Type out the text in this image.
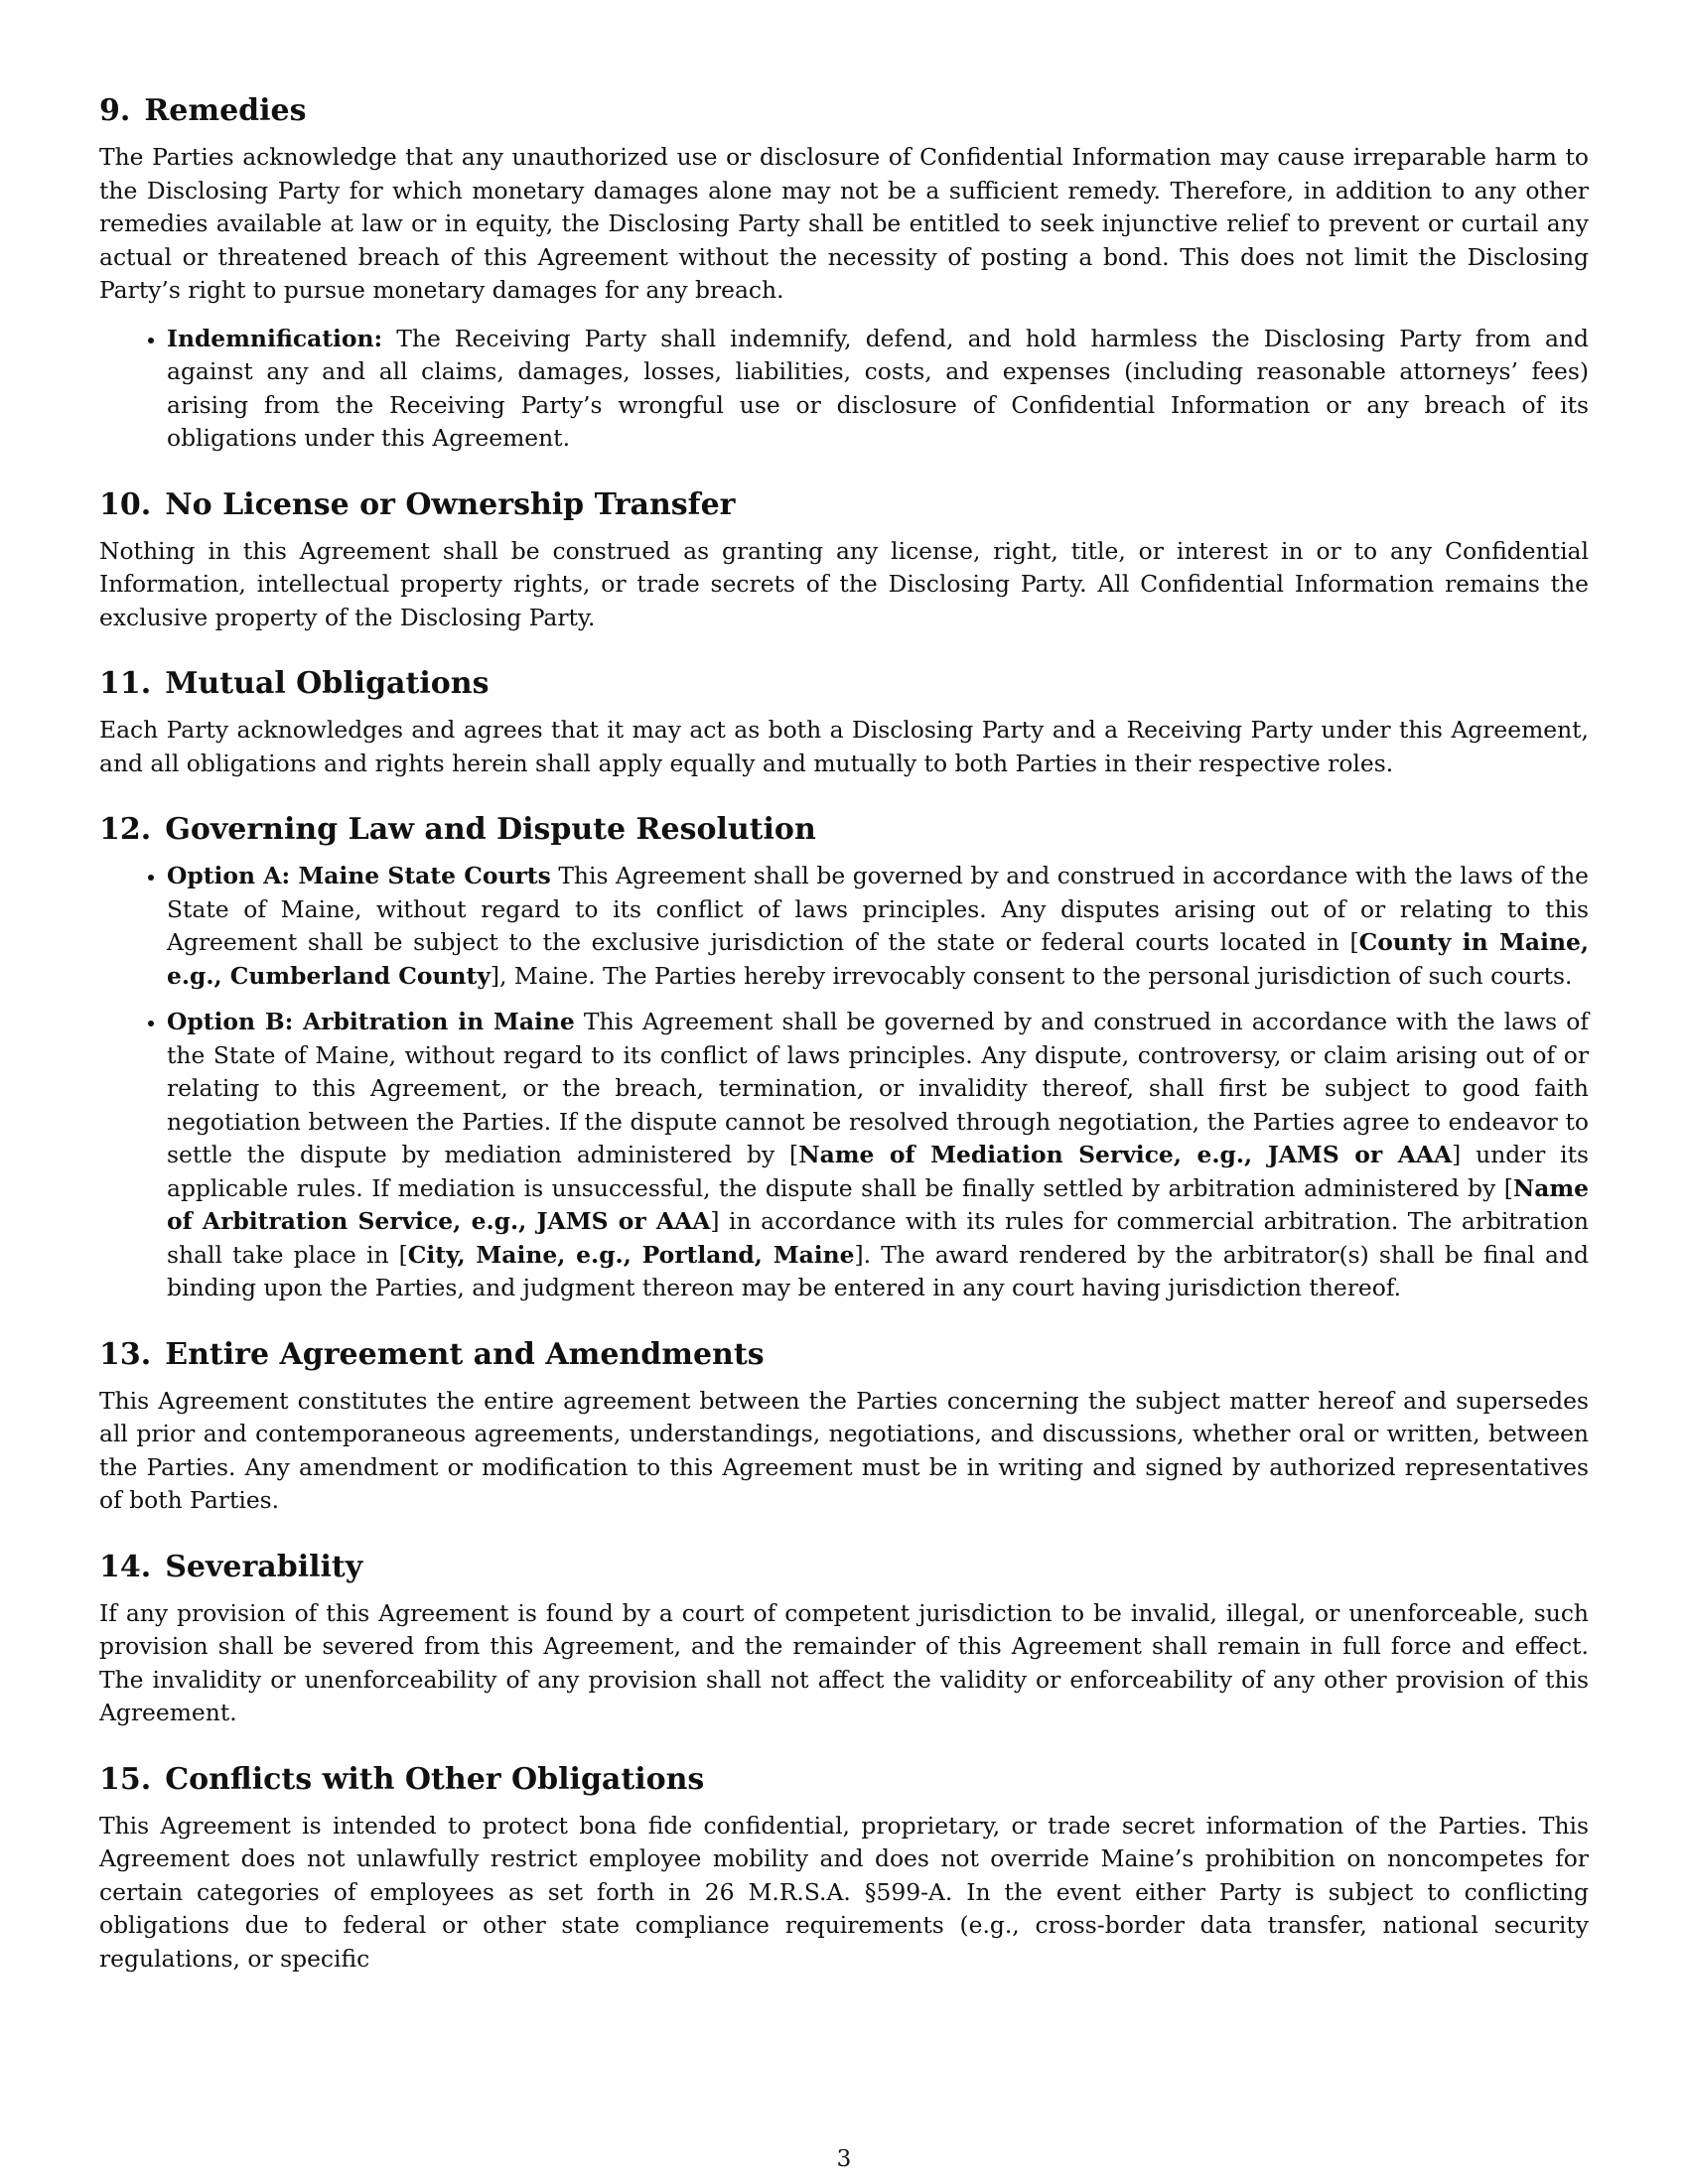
9. Remedies

The Parties acknowledge that any unauthorized use or disclosure of Confidential Information may cause irreparable harm to the Disclosing Party for which monetary damages alone may not be a sufficient remedy. Therefore, in addition to any other remedies available at law or in equity, the Disclosing Party shall be entitled to seek injunctive relief to prevent or curtail any actual or threatened breach of this Agreement without the necessity of posting a bond. This does not limit the Disclosing Party’s right to pursue monetary damages for any breach.

• Indemnification: The Receiving Party shall indemnify, defend, and hold harmless the Disclosing Party from and against any and all claims, damages, losses, liabilities, costs, and expenses (including reasonable attorneys’ fees) arising from the Receiving Party’s wrongful use or disclosure of Confidential Information or any breach of its obligations under this Agreement.
10. No License or Ownership Transfer

Nothing in this Agreement shall be construed as granting any license, right, title, or interest in or to any Confidential Information, intellectual property rights, or trade secrets of the Disclosing Party. All Confidential Information remains the exclusive property of the Disclosing Party.

11. Mutual Obligations

Each Party acknowledges and agrees that it may act as both a Disclosing Party and a Receiving Party under this Agreement, and all obligations and rights herein shall apply equally and mutually to both Parties in their respective roles.

12. Governing Law and Dispute Resolution
• Option A: Maine State Courts This Agreement shall be governed by and construed in accordance with the laws of the State of Maine, without regard to its conflict of laws principles. Any disputes arising out of or relating to this Agreement shall be subject to the exclusive jurisdiction of the state or federal courts located in [County in Maine, e.g., Cumberland County], Maine. The Parties hereby irrevocably consent to the personal jurisdiction of such courts.
• Option B: Arbitration in Maine This Agreement shall be governed by and construed in accordance with the laws of the State of Maine, without regard to its conflict of laws principles. Any dispute, controversy, or claim arising out of or relating to this Agreement, or the breach, termination, or invalidity thereof, shall first be subject to good faith negotiation between the Parties. If the dispute cannot be resolved through negotiation, the Parties agree to endeavor to settle the dispute by mediation administered by [Name of Mediation Service, e.g., JAMS or AAA] under its applicable rules. If mediation is unsuccessful, the dispute shall be finally settled by arbitration administered by [Name of Arbitration Service, e.g., JAMS or AAA] in accordance with its rules for commercial arbitration. The arbitration shall take place in [City, Maine, e.g., Portland, Maine]. The award rendered by the arbitrator(s) shall be final and binding upon the Parties, and judgment thereon may be entered in any court having jurisdiction thereof.
13. Entire Agreement and Amendments

This Agreement constitutes the entire agreement between the Parties concerning the subject matter hereof and supersedes all prior and contemporaneous agreements, understandings, negotiations, and discussions, whether oral or written, between the Parties. Any amendment or modification to this Agreement must be in writing and signed by authorized representatives of both Parties.

14. Severability

If any provision of this Agreement is found by a court of competent jurisdiction to be invalid, illegal, or unenforceable, such provision shall be severed from this Agreement, and the remainder of this Agreement shall remain in full force and effect. The invalidity or unenforceability of any provision shall not affect the validity or enforceability of any other provision of this Agreement.

15. Conflicts with Other Obligations

This Agreement is intended to protect bona fide confidential, proprietary, or trade secret information of the Parties. This Agreement does not unlawfully restrict employee mobility and does not override Maine’s prohibition on noncompetes for certain categories of employees as set forth in 26 M.R.S.A. §599-A. In the event either Party is subject to conflicting obligations due to federal or other state compliance requirements (e.g., cross-border data transfer, national security regulations, or specific

3
